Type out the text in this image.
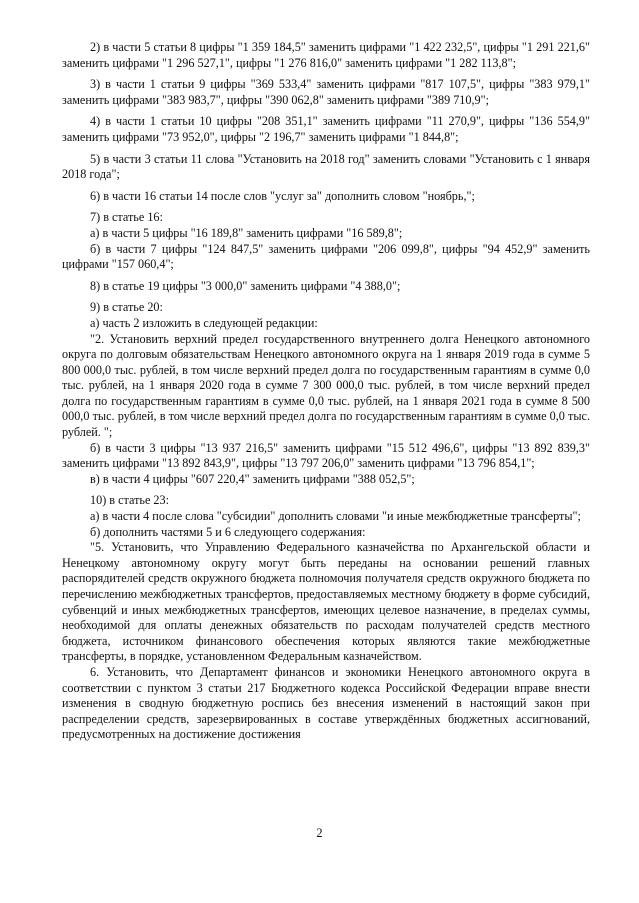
2) в части 5 статьи 8 цифры "1 359 184,5" заменить цифрами "1 422 232,5", цифры "1 291 221,6" заменить цифрами "1 296 527,1", цифры "1 276 816,0" заменить цифрами "1 282 113,8";

3) в части 1 статьи 9 цифры "369 533,4" заменить цифрами "817 107,5", цифры "383 979,1" заменить цифрами "383 983,7", цифры "390 062,8" заменить цифрами "389 710,9";

4) в части 1 статьи 10 цифры "208 351,1" заменить цифрами "11 270,9", цифры "136 554,9" заменить цифрами "73 952,0", цифры "2 196,7" заменить цифрами "1 844,8";

5) в части 3 статьи 11 слова "Установить на 2018 год" заменить словами "Установить с 1 января 2018 года";

6) в части 16 статьи 14 после слов "услуг за" дополнить словом "ноябрь,";

7) в статье 16:

а) в части 5 цифры "16 189,8" заменить цифрами "16 589,8";

б) в части 7 цифры "124 847,5" заменить цифрами "206 099,8", цифры "94 452,9" заменить цифрами "157 060,4";

8) в статье 19 цифры "3 000,0" заменить цифрами "4 388,0";

9) в статье 20:

а) часть 2 изложить в следующей редакции:

"2. Установить верхний предел государственного внутреннего долга Ненецкого автономного округа по долговым обязательствам Ненецкого автономного округа на 1 января 2019 года в сумме 5 800 000,0 тыс. рублей, в том числе верхний предел долга по государственным гарантиям в сумме 0,0 тыс. рублей, на 1 января 2020 года в сумме 7 300 000,0 тыс. рублей, в том числе верхний предел долга по государственным гарантиям в сумме 0,0 тыс. рублей, на 1 января 2021 года в сумме 8 500 000,0 тыс. рублей, в том числе верхний предел долга по государственным гарантиям в сумме 0,0 тыс. рублей. ";

б) в части 3 цифры "13 937 216,5" заменить цифрами "15 512 496,6", цифры "13 892 839,3" заменить цифрами "13 892 843,9", цифры "13 797 206,0" заменить цифрами "13 796 854,1";

в) в части 4 цифры "607 220,4" заменить цифрами "388 052,5";

10) в статье 23:

а) в части 4 после слова "субсидии" дополнить словами "и иные межбюджетные трансферты";

б) дополнить частями 5 и 6 следующего содержания:

"5. Установить, что Управлению Федерального казначейства по Архангельской области и Ненецкому автономному округу могут быть переданы на основании решений главных распорядителей средств окружного бюджета полномочия получателя средств окружного бюджета по перечислению межбюджетных трансфертов, предоставляемых местному бюджету в форме субсидий, субвенций и иных межбюджетных трансфертов, имеющих целевое назначение, в пределах суммы, необходимой для оплаты денежных обязательств по расходам получателей средств местного бюджета, источником финансового обеспечения которых являются такие межбюджетные трансферты, в порядке, установленном Федеральным казначейством.

6. Установить, что Департамент финансов и экономики Ненецкого автономного округа в соответствии с пунктом 3 статьи 217 Бюджетного кодекса Российской Федерации вправе внести изменения в сводную бюджетную роспись без внесения изменений в настоящий закон при распределении средств, зарезервированных в составе утверждённых бюджетных ассигнований, предусмотренных на достижение достижения

2
